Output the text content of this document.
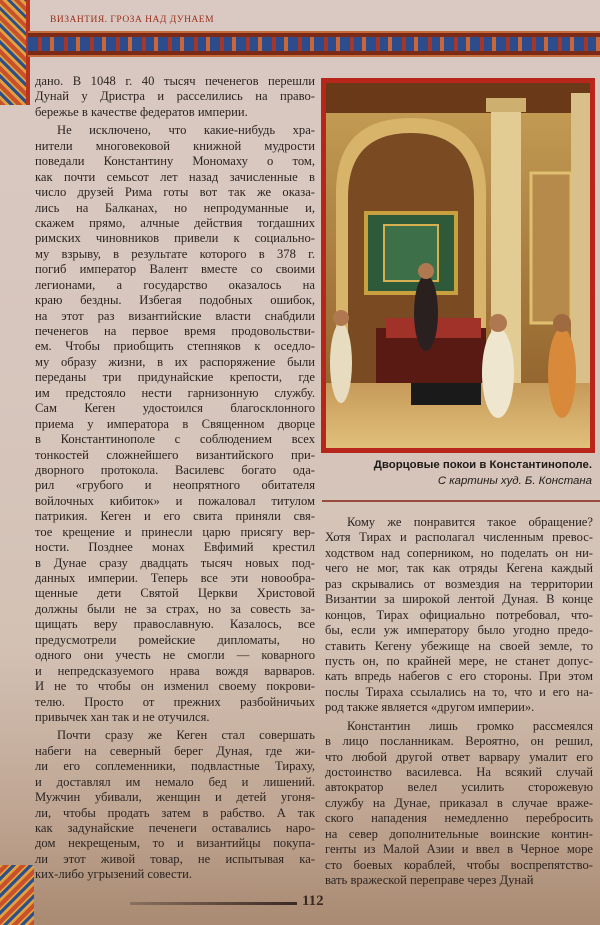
ВИЗАНТИЯ. ГРОЗА НАД ДУНАЕМ
дано. В 1048 г. 40 тысяч печенегов перешли
Дунай у Дристра и расселились на право-
бережье в качестве федератов империи.
Не исключено, что какие-нибудь хра-
нители многовековой книжной мудрости
поведали Константину Мономаху о том,
как почти семьсот лет назад зачисленные в
число друзей Рима готы вот так же оказа-
лись на Балканах, но непродуманные и,
скажем прямо, алчные действия тогдашних
римских чиновников привели к социально-
му взрыву, в результате которого в 378 г.
погиб император Валент вместе со своими
легионами, а государство оказалось на
краю бездны. Избегая подобных ошибок,
на этот раз византийские власти снабдили
печенегов на первое время продовольстви-
ем. Чтобы приобщить степняков к оседло-
му образу жизни, в их распоряжение были
переданы три придунайские крепости, где
им предстояло нести гарнизонную службу.
Сам Кеген удостоился благосклонного
приема у императора в Священном дворце
в Константинополе с соблюдением всех
тонкостей сложнейшего византийского при-
дворного протокола. Василевс богато ода-
рил «грубого и неопрятного обитателя
войлочных кибиток» и пожаловал титулом
патрикия. Кеген и его свита приняли свя-
тое крещение и принесли царю присягу вер-
ности. Позднее монах Евфимий крестил
в Дунае сразу двадцать тысяч новых под-
данных империи. Теперь все эти новообра-
щенные дети Святой Церкви Христовой
должны были не за страх, но за совесть за-
щищать веру православную. Казалось, все
предусмотрели ромейские дипломаты, но
одного они учесть не смогли — коварного
и непредсказуемого нрава вождя варваров.
И не то чтобы он изменил своему покрови-
телю. Просто от прежних разбойничьих
привычек хан так и не отучился.
Почти сразу же Кеген стал совершать
набеги на северный берег Дуная, где жи-
ли его соплеменники, подвластные Тираху,
и доставлял им немало бед и лишений.
Мужчин убивали, женщин и детей угоня-
ли, чтобы продать затем в рабство. А так
как задунайские печенеги оставались наро-
дом некрещеным, то и византийцы покупа-
ли этот живой товар, не испытывая ка-
ких-либо угрызений совести.
Дворцовые покои в Константинополе.
С картины худ. Б. Констана
Кому же понравится такое обращение?
Хотя Тирах и располагал численным превос-
ходством над соперником, но поделать он ни-
чего не мог, так как отряды Кегена каждый
раз скрывались от возмездия на территории
Византии за широкой лентой Дуная. В конце
концов, Тирах официально потребовал, что-
бы, если уж императору было угодно предо-
ставить Кегену убежище на своей земле, то
пусть он, по крайней мере, не станет допус-
кать впредь набегов с его стороны. При этом
послы Тираха ссылались на то, что и его на-
род также является «другом империи».
Константин лишь громко рассмеялся
в лицо посланникам. Вероятно, он решил,
что любой другой ответ варвару умалит его
достоинство василевса. На всякий случай
автократор велел усилить сторожевую
службу на Дунае, приказал в случае враже-
ского нападения немедленно перебросить
на север дополнительные воинские контин-
генты из Малой Азии и ввел в Черное море
сто боевых кораблей, чтобы воспрепятство-
вать вражеской переправе через Дунай
112
